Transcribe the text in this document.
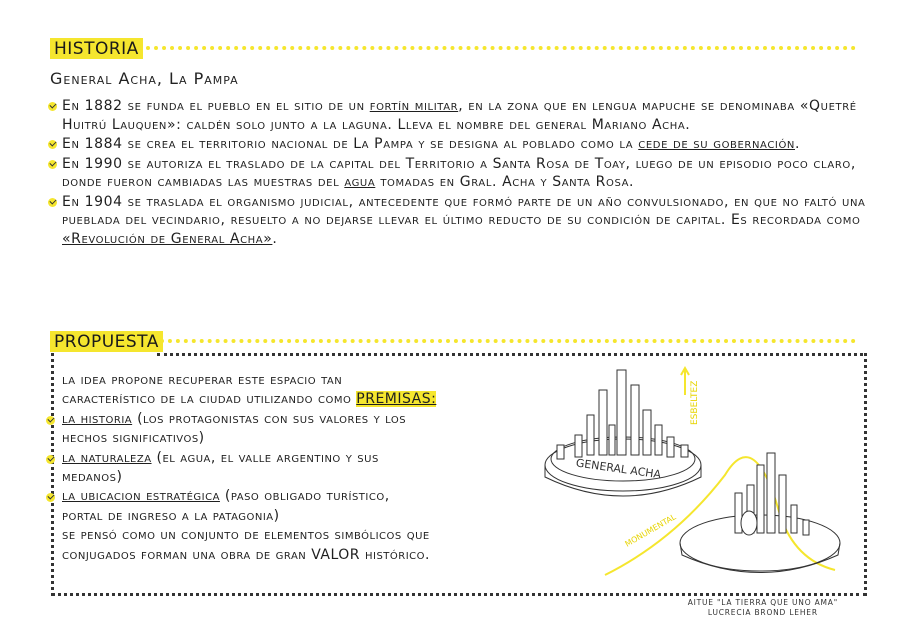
HISTORIA
General Acha, La Pampa
En 1882 se funda el pueblo en el sitio de un fortín militar, en la zona que en lengua mapuche se denominaba «Quetré Huitrú Lauquen»: caldén solo junto a la laguna. Lleva el nombre del general Mariano Acha.
En 1884 se crea el territorio nacional de La Pampa y se designa al poblado como la cede de su gobernación.
En 1990 se autoriza el traslado de la capital del Territorio a Santa Rosa de Toay, luego de un episodio poco claro, donde fueron cambiadas las muestras del agua tomadas en Gral. Acha y Santa Rosa.
En 1904 se traslada el organismo judicial, antecedente que formó parte de un año convulsionado, en que no faltó una pueblada del vecindario, resuelto a no dejarse llevar el último reducto de su condición de capital. Es recordada como «Revolución de General Acha».
PROPUESTA
la idea propone recuperar este espacio tan
característico de la ciudad utilizando como PREMISAS:
la historia (los protagonistas con sus valores y los
hechos significativos)
la naturaleza (el agua, el valle argentino y sus
medanos)
la ubicacion estratégica (paso obligado turístico,
portal de ingreso a la patagonia)
se pensó como un conjunto de elementos simbólicos que
conjugados forman una obra de gran VALOR histórico.
GENERAL ACHA
ESBELTEZ
MONUMENTAL
AITUE "LA TIERRA QUE UNO AMA"
LUCRECIA BROND LEHER
